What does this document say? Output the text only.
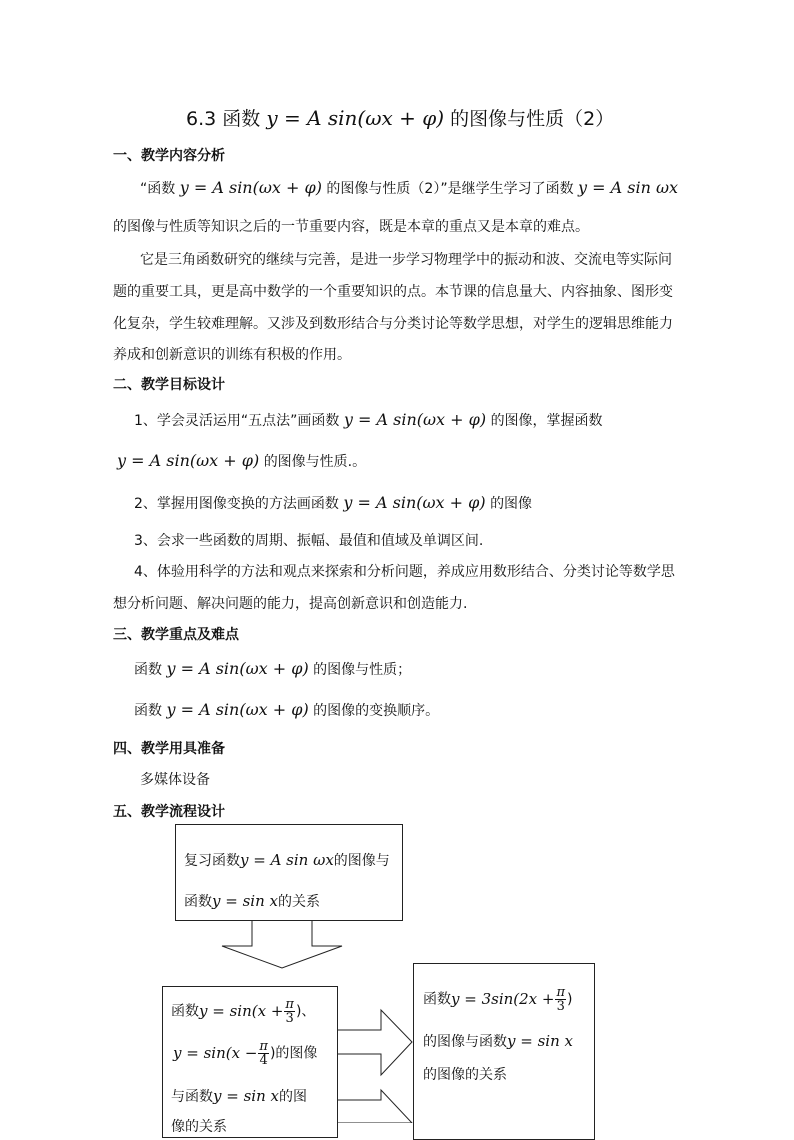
6.3 函数 y = A sin(ωx + φ) 的图像与性质（2）
一、教学内容分析
“函数 y = A sin(ωx + φ) 的图像与性质（2）”是继学生学习了函数 y = A sin ωx
的图像与性质等知识之后的一节重要内容，既是本章的重点又是本章的难点。
它是三角函数研究的继续与完善，是进一步学习物理学中的振动和波、交流电等实际问
题的重要工具，更是高中数学的一个重要知识的点。本节课的信息量大、内容抽象、图形变
化复杂，学生较难理解。又涉及到数形结合与分类讨论等数学思想，对学生的逻辑思维能力
养成和创新意识的训练有积极的作用。
二、教学目标设计
1、学会灵活运用“五点法”画函数 y = A sin(ωx + φ) 的图像，掌握函数
y = A sin(ωx + φ) 的图像与性质.。
2、掌握用图像变换的方法画函数 y = A sin(ωx + φ) 的图像
3、会求一些函数的周期、振幅、最值和值域及单调区间.
4、体验用科学的方法和观点来探索和分析问题，养成应用数形结合、分类讨论等数学思
想分析问题、解决问题的能力，提高创新意识和创造能力.
三、教学重点及难点
函数 y = A sin(ωx + φ) 的图像与性质；
函数 y = A sin(ωx + φ) 的图像的变换顺序。
四、教学用具准备
多媒体设备
五、教学流程设计
复习函数y = A sin ωx的图像与
函数y = sin x的关系
函数$y = \sin(x + \frac{\pi}{3}$ )、
$y = \sin(x - \frac{\pi}{4}$ )的图像
与函数y = sin x的图
像的关系
函数$y = 3\sin(2x + \frac{\pi}{3}$ )
的图像与函数y = sin x
的图像的关系
